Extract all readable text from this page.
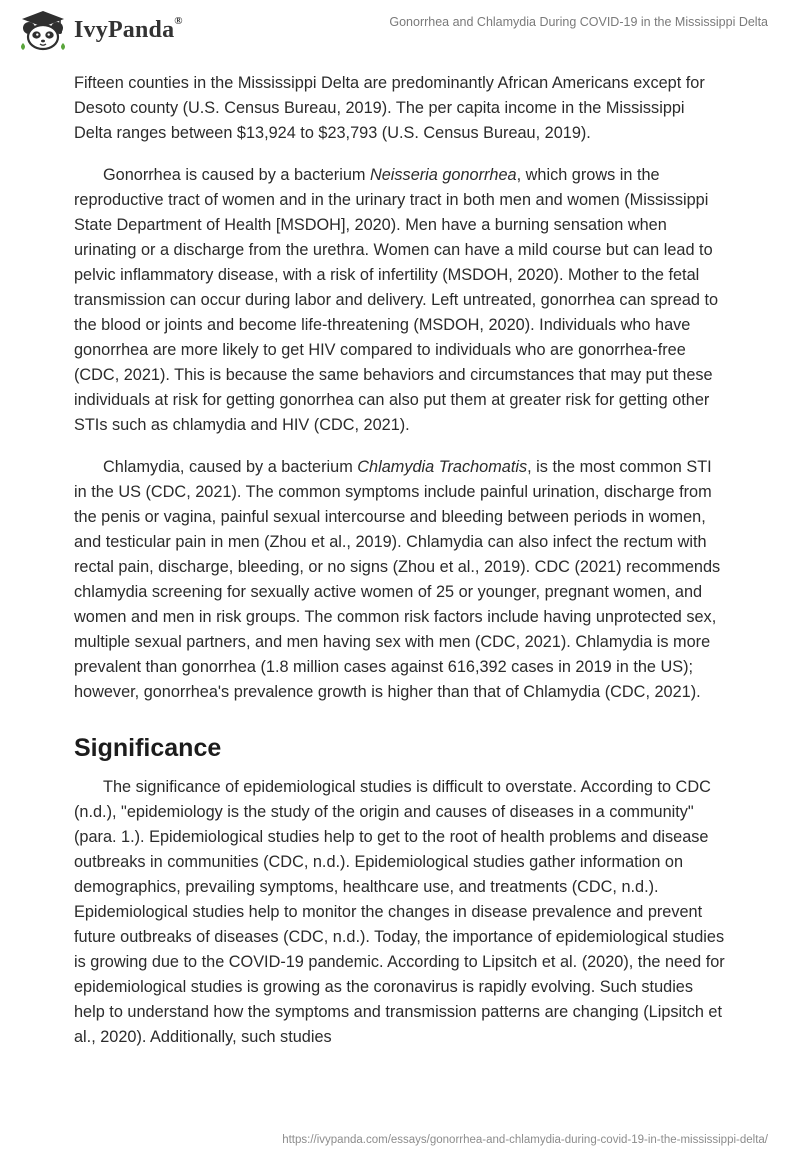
IvyPanda®	Gonorrhea and Chlamydia During COVID-19 in the Mississippi Delta

Fifteen counties in the Mississippi Delta are predominantly African Americans except for Desoto county (U.S. Census Bureau, 2019). The per capita income in the Mississippi Delta ranges between $13,924 to $23,793 (U.S. Census Bureau, 2019).

Gonorrhea is caused by a bacterium Neisseria gonorrhea, which grows in the reproductive tract of women and in the urinary tract in both men and women (Mississippi State Department of Health [MSDOH], 2020). Men have a burning sensation when urinating or a discharge from the urethra. Women can have a mild course but can lead to pelvic inflammatory disease, with a risk of infertility (MSDOH, 2020). Mother to the fetal transmission can occur during labor and delivery. Left untreated, gonorrhea can spread to the blood or joints and become life-threatening (MSDOH, 2020). Individuals who have gonorrhea are more likely to get HIV compared to individuals who are gonorrhea-free (CDC, 2021). This is because the same behaviors and circumstances that may put these individuals at risk for getting gonorrhea can also put them at greater risk for getting other STIs such as chlamydia and HIV (CDC, 2021).

Chlamydia, caused by a bacterium Chlamydia Trachomatis, is the most common STI in the US (CDC, 2021). The common symptoms include painful urination, discharge from the penis or vagina, painful sexual intercourse and bleeding between periods in women, and testicular pain in men (Zhou et al., 2019). Chlamydia can also infect the rectum with rectal pain, discharge, bleeding, or no signs (Zhou et al., 2019). CDC (2021) recommends chlamydia screening for sexually active women of 25 or younger, pregnant women, and women and men in risk groups. The common risk factors include having unprotected sex, multiple sexual partners, and men having sex with men (CDC, 2021). Chlamydia is more prevalent than gonorrhea (1.8 million cases against 616,392 cases in 2019 in the US); however, gonorrhea's prevalence growth is higher than that of Chlamydia (CDC, 2021).

Significance

The significance of epidemiological studies is difficult to overstate. According to CDC (n.d.), "epidemiology is the study of the origin and causes of diseases in a community" (para. 1.). Epidemiological studies help to get to the root of health problems and disease outbreaks in communities (CDC, n.d.). Epidemiological studies gather information on demographics, prevailing symptoms, healthcare use, and treatments (CDC, n.d.). Epidemiological studies help to monitor the changes in disease prevalence and prevent future outbreaks of diseases (CDC, n.d.). Today, the importance of epidemiological studies is growing due to the COVID-19 pandemic. According to Lipsitch et al. (2020), the need for epidemiological studies is growing as the coronavirus is rapidly evolving. Such studies help to understand how the symptoms and transmission patterns are changing (Lipsitch et al., 2020). Additionally, such studies

https://ivypanda.com/essays/gonorrhea-and-chlamydia-during-covid-19-in-the-mississippi-delta/
